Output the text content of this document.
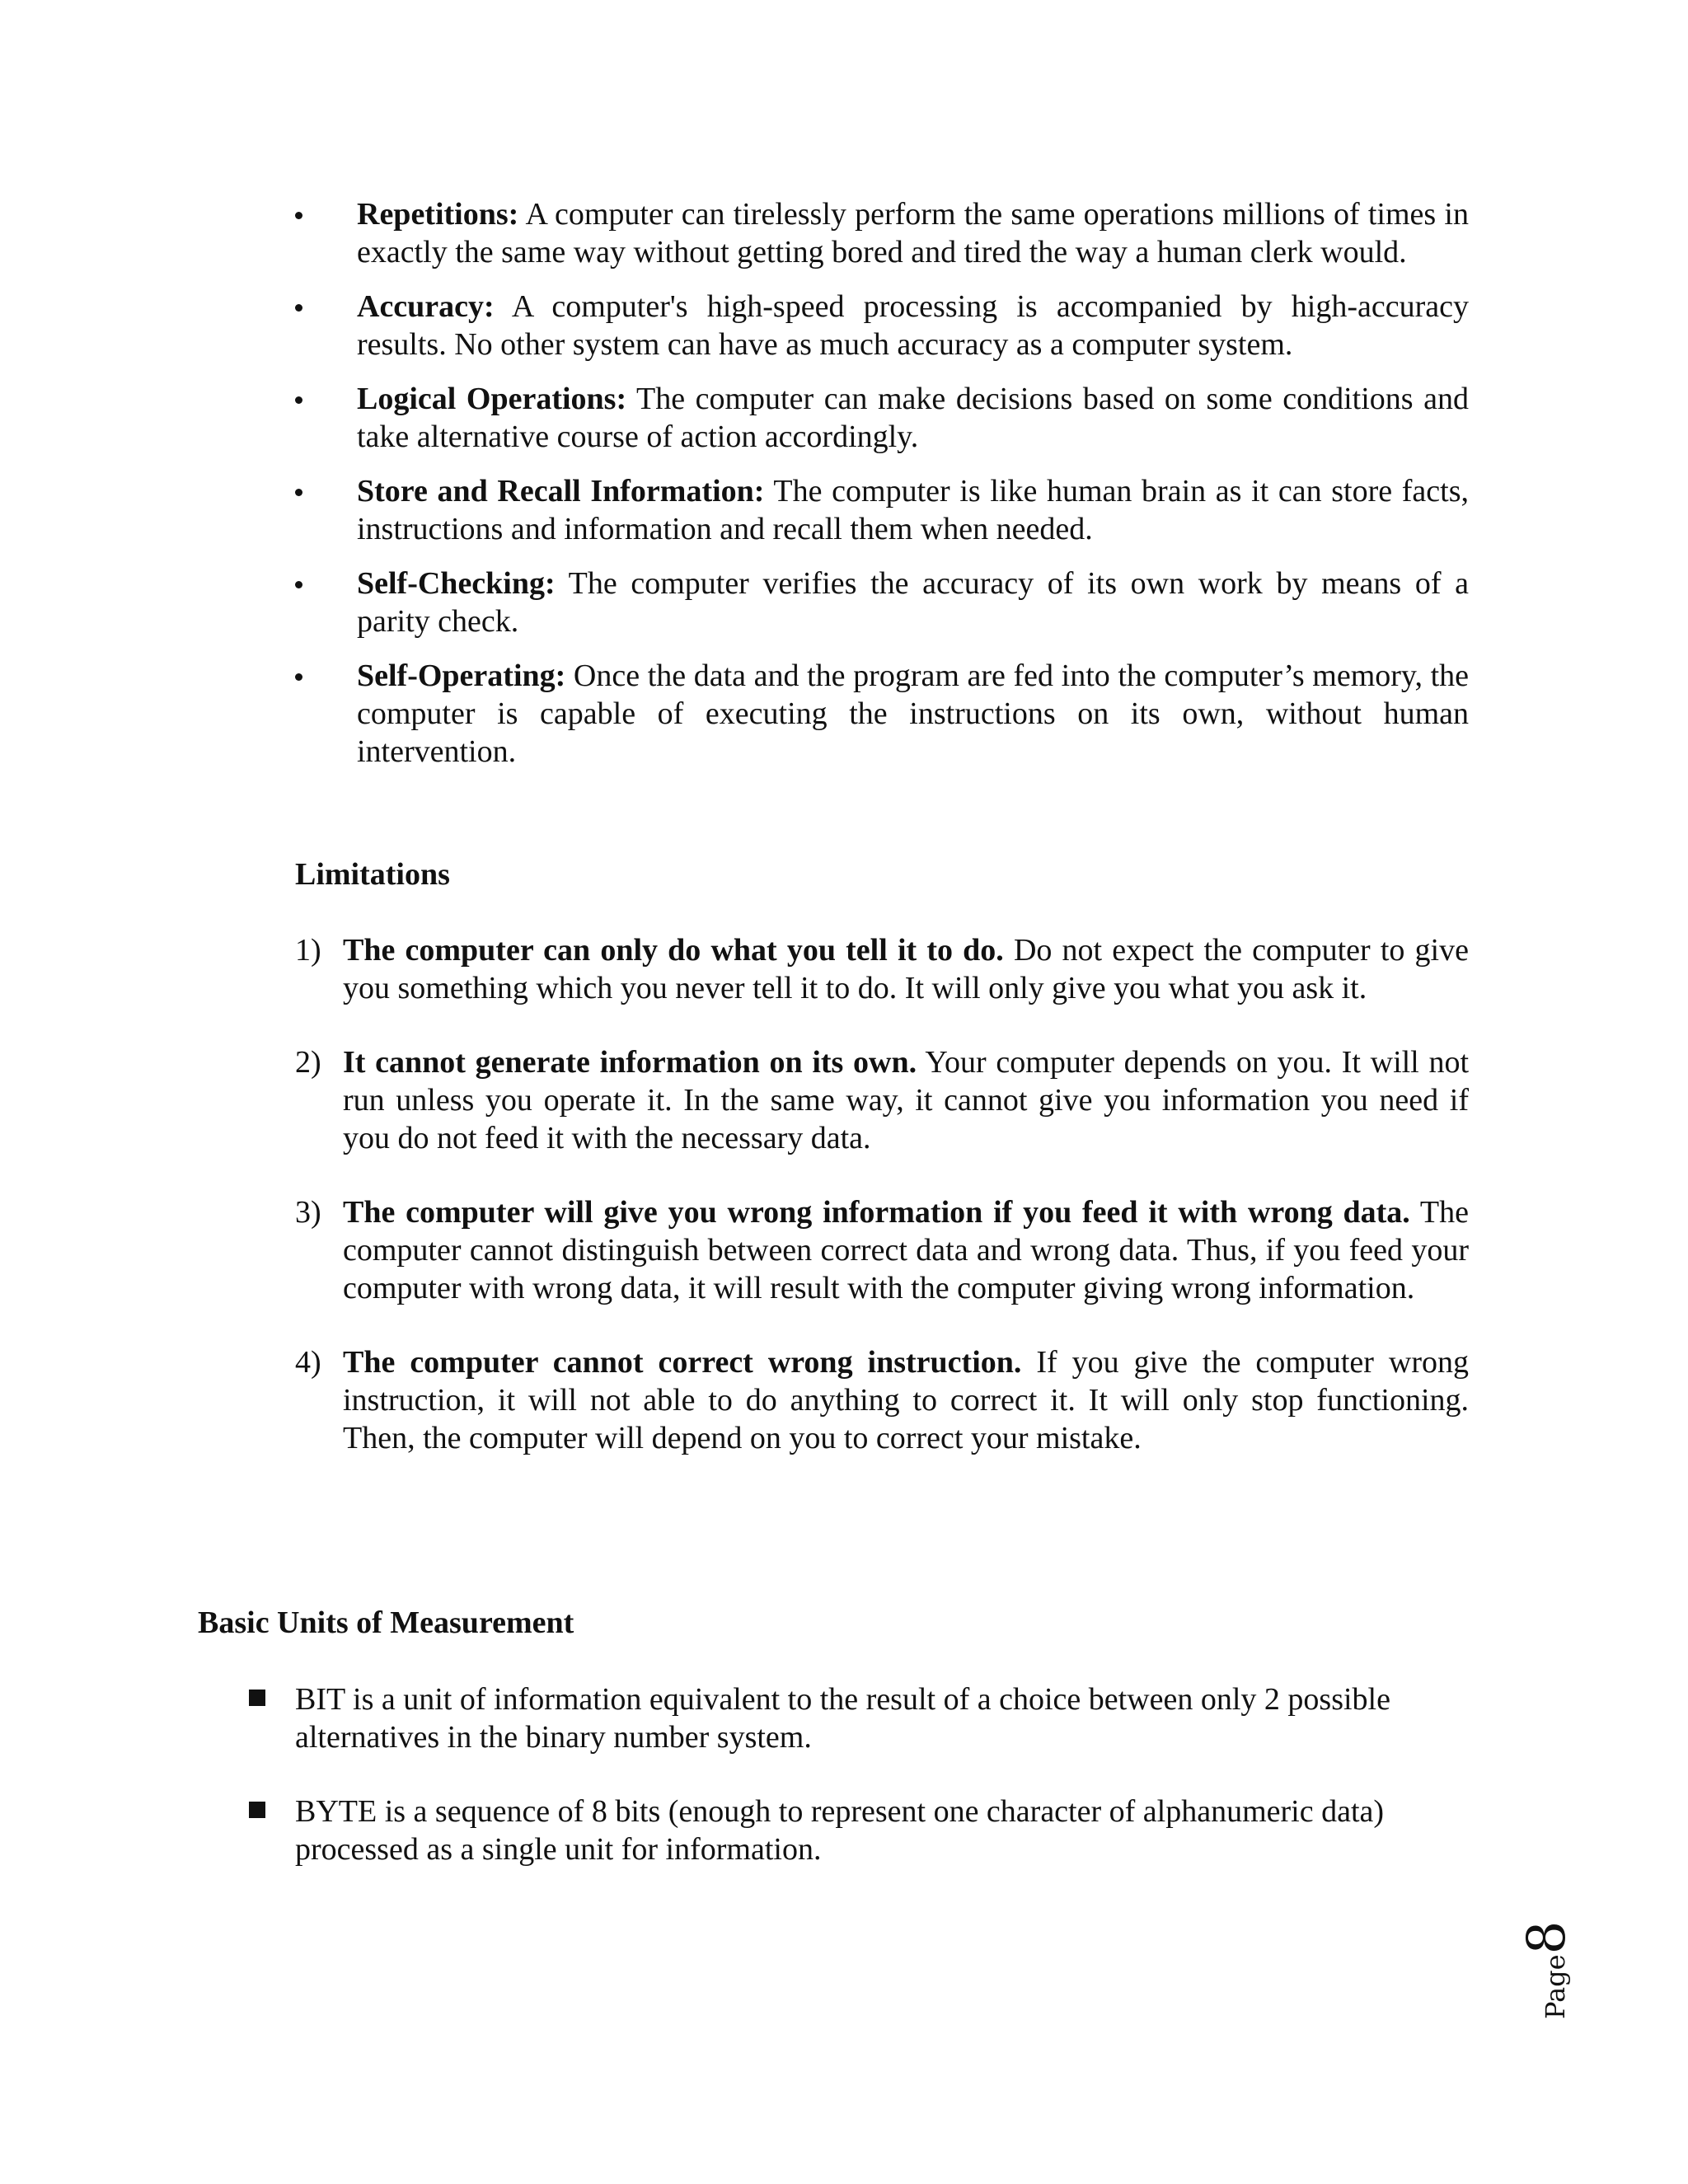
Repetitions: A computer can tirelessly perform the same operations millions of times in exactly the same way without getting bored and tired the way a human clerk would.
Accuracy: A computer's high-speed processing is accompanied by high-accuracy results. No other system can have as much accuracy as a computer system.
Logical Operations: The computer can make decisions based on some conditions and take alternative course of action accordingly.
Store and Recall Information: The computer is like human brain as it can store facts, instructions and information and recall them when needed.
Self-Checking: The computer verifies the accuracy of its own work by means of a parity check.
Self-Operating: Once the data and the program are fed into the computer’s memory, the computer is capable of executing the instructions on its own, without human intervention.
Limitations
1) The computer can only do what you tell it to do. Do not expect the computer to give you something which you never tell it to do. It will only give you what you ask it.
2) It cannot generate information on its own. Your computer depends on you. It will not run unless you operate it. In the same way, it cannot give you information you need if you do not feed it with the necessary data.
3) The computer will give you wrong information if you feed it with wrong data. The computer cannot distinguish between correct data and wrong data. Thus, if you feed your computer with wrong data, it will result with the computer giving wrong information.
4) The computer cannot correct wrong instruction. If you give the computer wrong instruction, it will not able to do anything to correct it. It will only stop functioning. Then, the computer will depend on you to correct your mistake.
Basic Units of Measurement
BIT is a unit of information equivalent to the result of a choice between only 2 possible alternatives in the binary number system.
BYTE is a sequence of 8 bits (enough to represent one character of alphanumeric data) processed as a single unit for information.
Page8
